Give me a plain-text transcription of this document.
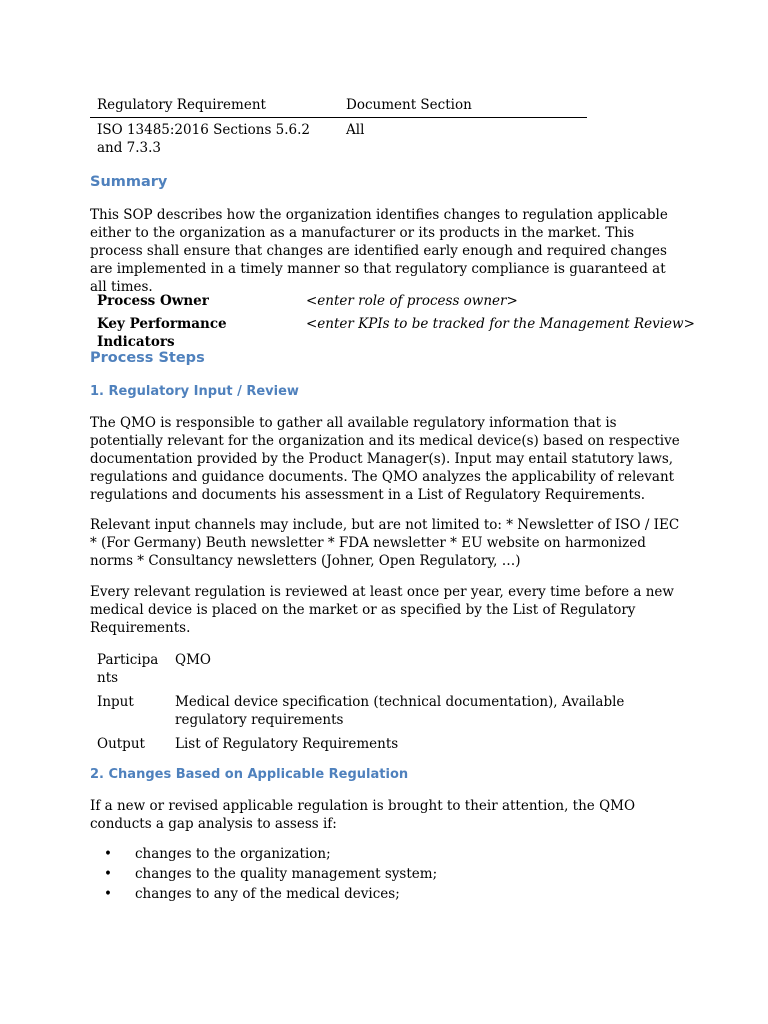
Regulatory Requirement	Document Section
ISO 13485:2016 Sections 5.6.2 and 7.3.3	All
Summary

This SOP describes how the organization identifies changes to regulation applicable either to the organization as a manufacturer or its products in the market. This process shall ensure that changes are identified early enough and required changes are implemented in a timely manner so that regulatory compliance is guaranteed at all times.

Process Owner	<enter role of process owner>
Key Performance Indicators	<enter KPIs to be tracked for the Management Review>
Process Steps
1. Regulatory Input / Review

The QMO is responsible to gather all available regulatory information that is potentially relevant for the organization and its medical device(s) based on respective documentation provided by the Product Manager(s). Input may entail statutory laws, regulations and guidance documents. The QMO analyzes the applicability of relevant regulations and documents his assessment in a List of Regulatory Requirements.

Relevant input channels may include, but are not limited to: * Newsletter of ISO / IEC * (For Germany) Beuth newsletter * FDA newsletter * EU website on harmonized norms * Consultancy newsletters (Johner, Open Regulatory, …)

Every relevant regulation is reviewed at least once per year, every time before a new medical device is placed on the market or as specified by the List of Regulatory Requirements.

Participants	QMO
Input	Medical device specification (technical documentation), Available regulatory requirements
Output	List of Regulatory Requirements
2. Changes Based on Applicable Regulation

If a new or revised applicable regulation is brought to their attention, the QMO conducts a gap analysis to assess if:

• changes to the organization;
• changes to the quality management system;
• changes to any of the medical devices;
